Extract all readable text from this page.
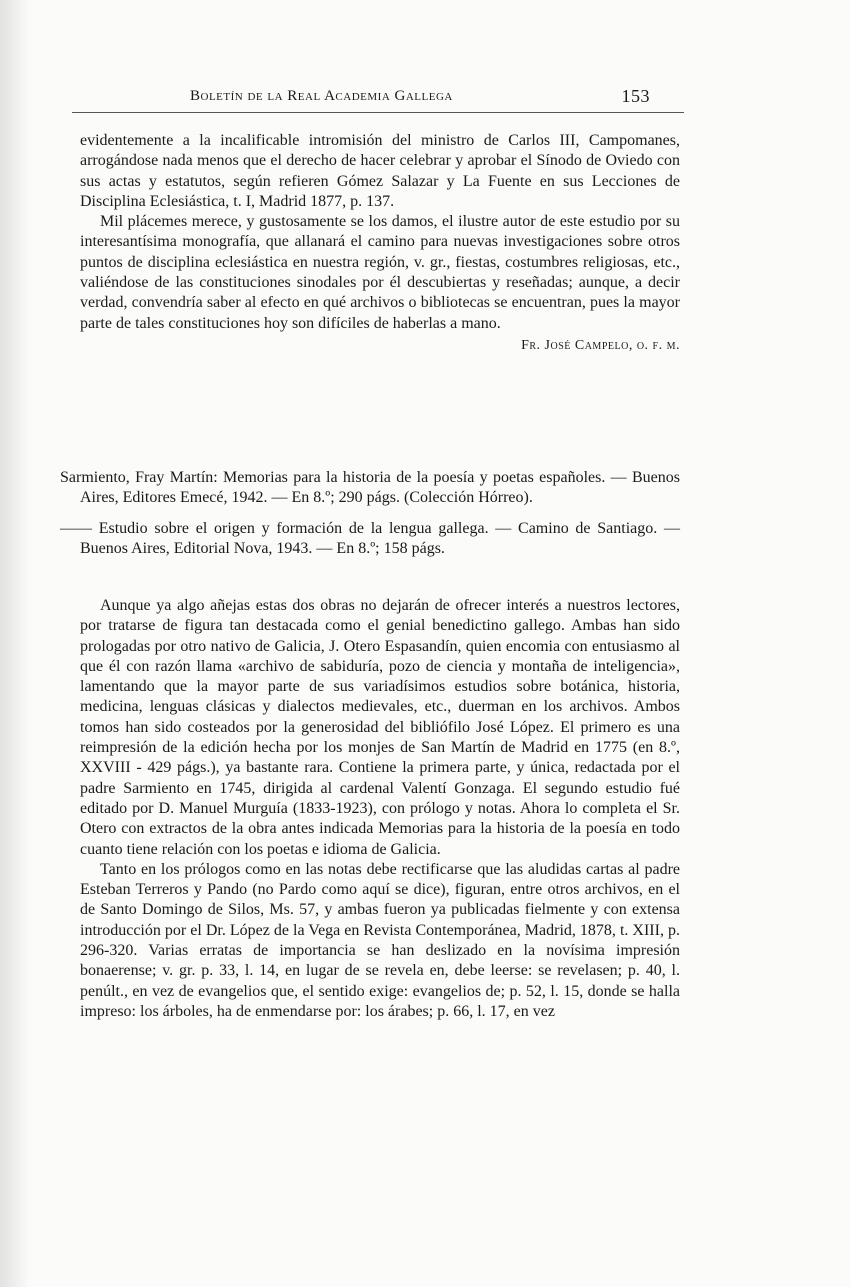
Boletín de la Real Academia Gallega	153

evidentemente a la incalificable intromisión del ministro de Carlos III, Campomanes, arrogándose nada menos que el derecho de hacer celebrar y aprobar el Sínodo de Oviedo con sus actas y estatutos, según refieren Gómez Salazar y La Fuente en sus Lecciones de Disciplina Eclesiástica, t. I, Madrid 1877, p. 137.

Mil plácemes merece, y gustosamente se los damos, el ilustre autor de este estudio por su interesantísima monografía, que allanará el camino para nuevas investigaciones sobre otros puntos de disciplina eclesiástica en nuestra región, v. gr., fiestas, costumbres religiosas, etc., valiéndose de las constituciones sinodales por él descubiertas y reseñadas; aunque, a decir verdad, convendría saber al efecto en qué archivos o bibliotecas se encuentran, pues la mayor parte de tales constituciones hoy son difíciles de haberlas a mano.

Fr. José Campelo, o. f. m.

Sarmiento, Fray Martín: Memorias para la historia de la poesía y poetas españoles. — Buenos Aires, Editores Emecé, 1942. — En 8.º; 290 págs. (Colección Hórreo).

—— Estudio sobre el origen y formación de la lengua gallega. — Camino de Santiago. — Buenos Aires, Editorial Nova, 1943. — En 8.º; 158 págs.

Aunque ya algo añejas estas dos obras no dejarán de ofrecer interés a nuestros lectores, por tratarse de figura tan destacada como el genial benedictino gallego. Ambas han sido prologadas por otro nativo de Galicia, J. Otero Espasandín, quien encomia con entusiasmo al que él con razón llama «archivo de sabiduría, pozo de ciencia y montaña de inteligencia», lamentando que la mayor parte de sus variadísimos estudios sobre botánica, historia, medicina, lenguas clásicas y dialectos medievales, etc., duerman en los archivos. Ambos tomos han sido costeados por la generosidad del bibliófilo José López. El primero es una reimpresión de la edición hecha por los monjes de San Martín de Madrid en 1775 (en 8.º, XXVIII - 429 págs.), ya bastante rara. Contiene la primera parte, y única, redactada por el padre Sarmiento en 1745, dirigida al cardenal Valentí Gonzaga. El segundo estudio fué editado por D. Manuel Murguía (1833-1923), con prólogo y notas. Ahora lo completa el Sr. Otero con extractos de la obra antes indicada Memorias para la historia de la poesía en todo cuanto tiene relación con los poetas e idioma de Galicia.

Tanto en los prólogos como en las notas debe rectificarse que las aludidas cartas al padre Esteban Terreros y Pando (no Pardo como aquí se dice), figuran, entre otros archivos, en el de Santo Domingo de Silos, Ms. 57, y ambas fueron ya publicadas fielmente y con extensa introducción por el Dr. López de la Vega en Revista Contemporánea, Madrid, 1878, t. XIII, p. 296-320. Varias erratas de importancia se han deslizado en la novísima impresión bonaerense; v. gr. p. 33, l. 14, en lugar de se revela en, debe leerse: se revelasen; p. 40, l. penúlt., en vez de evangelios que, el sentido exige: evangelios de; p. 52, l. 15, donde se halla impreso: los árboles, ha de enmendarse por: los árabes; p. 66, l. 17, en vez
